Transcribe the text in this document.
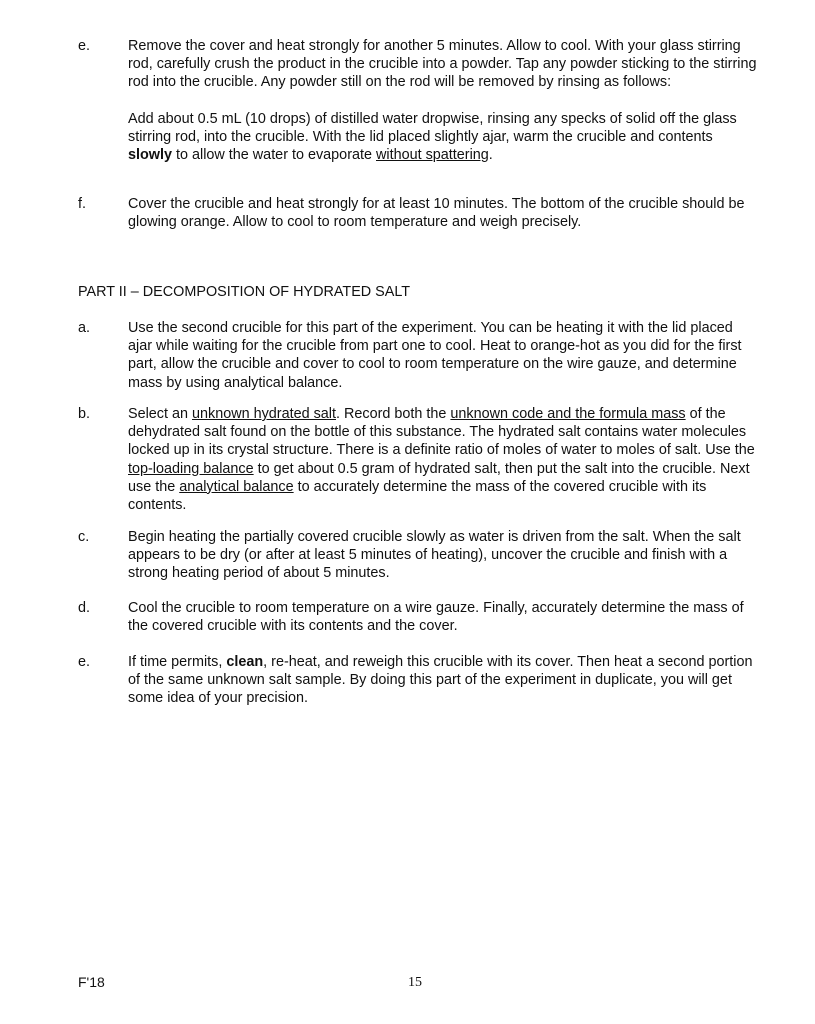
e.	Remove the cover and heat strongly for another 5 minutes. Allow to cool. With your glass stirring rod, carefully crush the product in the crucible into a powder. Tap any powder sticking to the stirring rod into the crucible. Any powder still on the rod will be removed by rinsing as follows:

Add about 0.5 mL (10 drops) of distilled water dropwise, rinsing any specks of solid off the glass stirring rod, into the crucible. With the lid placed slightly ajar, warm the crucible and contents slowly to allow the water to evaporate without spattering.

f.	Cover the crucible and heat strongly for at least 10 minutes. The bottom of the crucible should be glowing orange. Allow to cool to room temperature and weigh precisely.

PART II – DECOMPOSITION OF HYDRATED SALT
a.	Use the second crucible for this part of the experiment. You can be heating it with the lid placed ajar while waiting for the crucible from part one to cool. Heat to orange-hot as you did for the first part, allow the crucible and cover to cool to room temperature on the wire gauze, and determine mass by using analytical balance.

b.	Select an unknown hydrated salt. Record both the unknown code and the formula mass of the dehydrated salt found on the bottle of this substance. The hydrated salt contains water molecules locked up in its crystal structure. There is a definite ratio of moles of water to moles of salt. Use the top-loading balance to get about 0.5 gram of hydrated salt, then put the salt into the crucible. Next use the analytical balance to accurately determine the mass of the covered crucible with its contents.

c.	Begin heating the partially covered crucible slowly as water is driven from the salt. When the salt appears to be dry (or after at least 5 minutes of heating), uncover the crucible and finish with a strong heating period of about 5 minutes.

d.	Cool the crucible to room temperature on a wire gauze. Finally, accurately determine the mass of the covered crucible with its contents and the cover.

e.	If time permits, clean, re-heat, and reweigh this crucible with its cover. Then heat a second portion of the same unknown salt sample. By doing this part of the experiment in duplicate, you will get some idea of your precision.

F'18	15
